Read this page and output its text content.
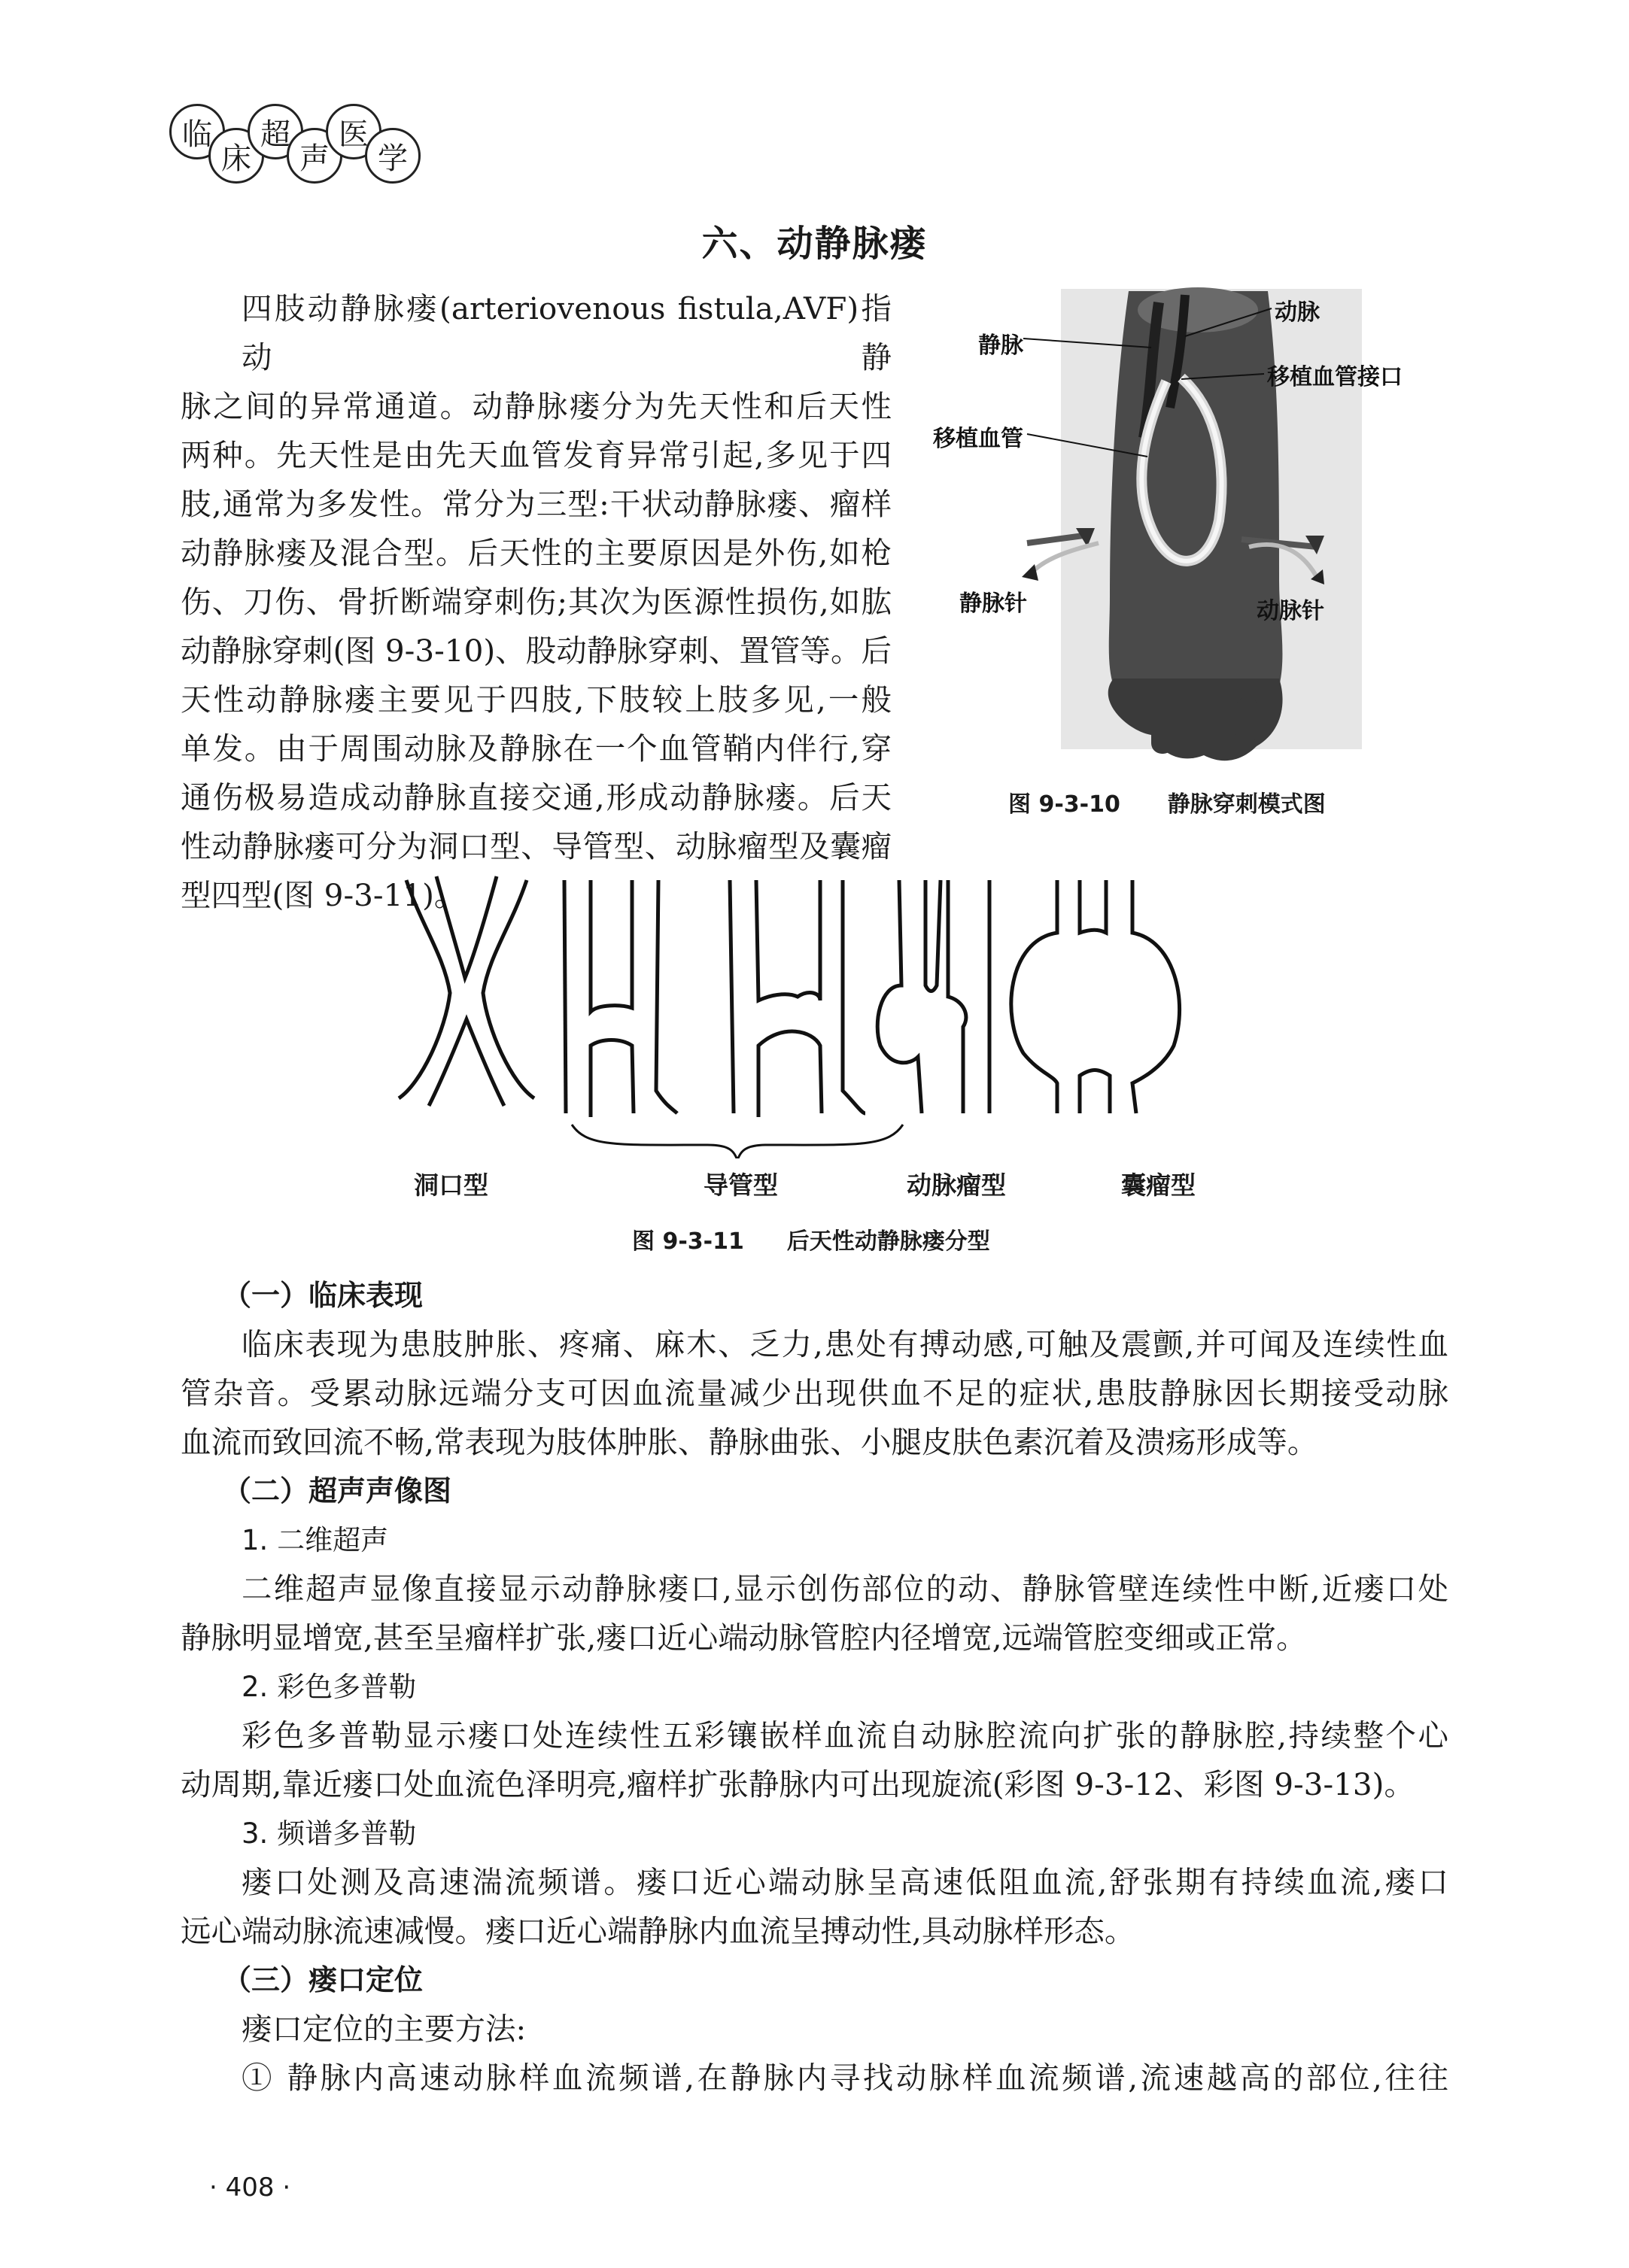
临
床
超
声
医
学
六、动静脉瘘
四肢动静脉瘘(arteriovenous fistula,AVF)指动静
脉之间的异常通道。动静脉瘘分为先天性和后天性
两种。先天性是由先天血管发育异常引起,多见于四
肢,通常为多发性。常分为三型:干状动静脉瘘、瘤样
动静脉瘘及混合型。后天性的主要原因是外伤,如枪
伤、刀伤、骨折断端穿刺伤;其次为医源性损伤,如肱
动静脉穿刺(图 9-3-10)、股动静脉穿刺、置管等。后
天性动静脉瘘主要见于四肢,下肢较上肢多见,一般
单发。由于周围动脉及静脉在一个血管鞘内伴行,穿
通伤极易造成动静脉直接交通,形成动静脉瘘。后天
性动静脉瘘可分为洞口型、导管型、动脉瘤型及囊瘤
型四型(图 9-3-11)。
动脉
静脉
移植血管接口
移植血管
静脉针	动脉针
图 9-3-10 静脉穿刺模式图
洞口型	导管型	动脉瘤型	囊瘤型
图 9-3-11 后天性动静脉瘘分型
（一）临床表现
临床表现为患肢肿胀、疼痛、麻木、乏力,患处有搏动感,可触及震颤,并可闻及连续性血
管杂音。受累动脉远端分支可因血流量减少出现供血不足的症状,患肢静脉因长期接受动脉
血流而致回流不畅,常表现为肢体肿胀、静脉曲张、小腿皮肤色素沉着及溃疡形成等。
（二）超声声像图
1. 二维超声
二维超声显像直接显示动静脉瘘口,显示创伤部位的动、静脉管壁连续性中断,近瘘口处
静脉明显增宽,甚至呈瘤样扩张,瘘口近心端动脉管腔内径增宽,远端管腔变细或正常。
2. 彩色多普勒
彩色多普勒显示瘘口处连续性五彩镶嵌样血流自动脉腔流向扩张的静脉腔,持续整个心
动周期,靠近瘘口处血流色泽明亮,瘤样扩张静脉内可出现旋流(彩图 9-3-12、彩图 9-3-13)。
3. 频谱多普勒
瘘口处测及高速湍流频谱。瘘口近心端动脉呈高速低阻血流,舒张期有持续血流,瘘口
远心端动脉流速减慢。瘘口近心端静脉内血流呈搏动性,具动脉样形态。
（三）瘘口定位
瘘口定位的主要方法:
① 静脉内高速动脉样血流频谱,在静脉内寻找动脉样血流频谱,流速越高的部位,往往
· 408 ·
